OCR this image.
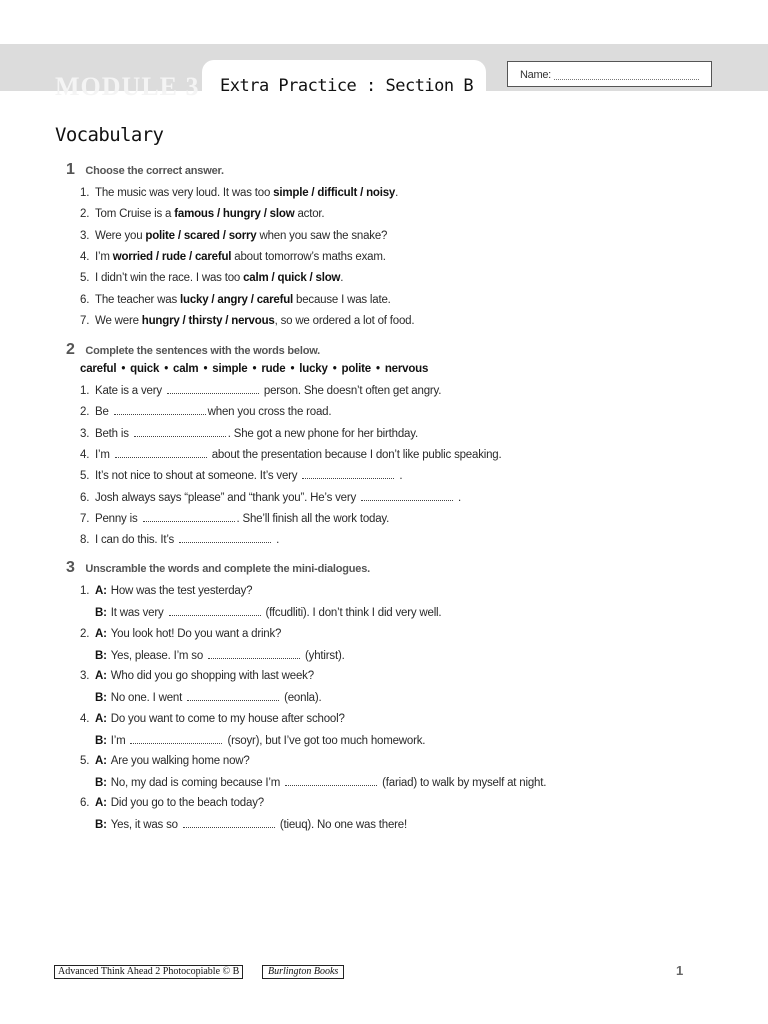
MODULE 3 Extra Practice : Section B
Name:
Vocabulary
1 Choose the correct answer.
1. The music was very loud. It was too simple / difficult / noisy.
2. Tom Cruise is a famous / hungry / slow actor.
3. Were you polite / scared / sorry when you saw the snake?
4. I’m worried / rude / careful about tomorrow’s maths exam.
5. I didn’t win the race. I was too calm / quick / slow.
6. The teacher was lucky / angry / careful because I was late.
7. We were hungry / thirsty / nervous, so we ordered a lot of food.
2 Complete the sentences with the words below.
careful • quick • calm • simple • rude • lucky • polite • nervous
1. Kate is a very	person. She doesn’t often get angry.
2. Be	when you cross the road.
3. Beth is	. She got a new phone for her birthday.
4. I’m	about the presentation because I don’t like public speaking.
5. It’s not nice to shout at someone. It’s very	.
6. Josh always says “please” and “thank you”. He’s very	.
7. Penny is	. She’ll finish all the work today.
8. I can do this. It’s	.
3 Unscramble the words and complete the mini-dialogues.
1. A: How was the test yesterday?
B: It was very	(ffcudliti). I don’t think I did very well.
2. A: You look hot! Do you want a drink?
B: Yes, please. I’m so	(yhtirst).
3. A: Who did you go shopping with last week?
B: No one. I went	(eonla).
4. A: Do you want to come to my house after school?
B: I’m	(rsoyr), but I’ve got too much homework.
5. A: Are you walking home now?
B: No, my dad is coming because I’m	(fariad) to walk by myself at night.
6. A: Did you go to the beach today?
B: Yes, it was so	(tieuq). No one was there!
Advanced Think Ahead 2 Photocopiable © B	Burlington Books	1
